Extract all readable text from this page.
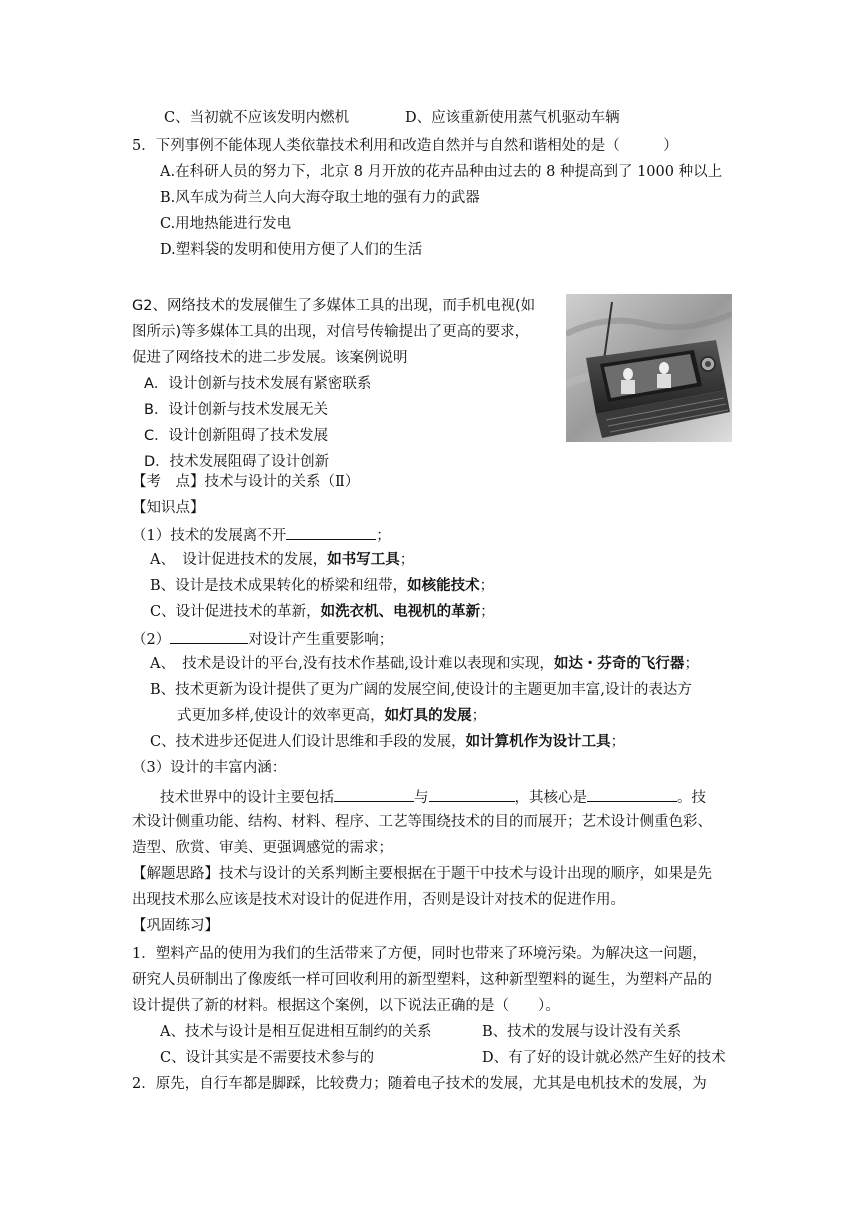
C、当初就不应该发明内燃机	D、应该重新使用蒸气机驱动车辆
5．下列事例不能体现人类依靠技术利用和改造自然并与自然和谐相处的是（　　　）
A.在科研人员的努力下，北京 8 月开放的花卉品种由过去的 8 种提高到了 1000 种以上
B.风车成为荷兰人向大海夺取土地的强有力的武器
C.用地热能进行发电
D.塑料袋的发明和使用方便了人们的生活
G2、网络技术的发展催生了多媒体工具的出现，而手机电视(如
图所示)等多媒体工具的出现，对信号传输提出了更高的要求，
促进了网络技术的进二步发展。该案例说明
A．设计创新与技术发展有紧密联系
B．设计创新与技术发展无关
C．设计创新阻碍了技术发展
D．技术发展阻碍了设计创新
【考　点】技术与设计的关系（Ⅱ）
【知识点】
（1）技术的发展离不开	；
A、　设计促进技术的发展，如书写工具；
B、设计是技术成果转化的桥梁和纽带，如核能技术；
C、设计促进技术的革新，如洗衣机、电视机的革新；
（2）	对设计产生重要影响；
A、　技术是设计的平台,没有技术作基础,设计难以表现和实现，如达・芬奇的飞行器；
B、技术更新为设计提供了更为广阔的发展空间,使设计的主题更加丰富,设计的表达方
式更加多样,使设计的效率更高，如灯具的发展；
C、技术进步还促进人们设计思维和手段的发展，如计算机作为设计工具；
（3）设计的丰富内涵：
技术世界中的设计主要包括	与	，其核心是	。技
术设计侧重功能、结构、材料、程序、工艺等围绕技术的目的而展开；艺术设计侧重色彩、
造型、欣赏、审美、更强调感觉的需求；
【解题思路】技术与设计的关系判断主要根据在于题干中技术与设计出现的顺序，如果是先
出现技术那么应该是技术对设计的促进作用，否则是设计对技术的促进作用。
【巩固练习】
1．塑料产品的使用为我们的生活带来了方便，同时也带来了环境污染。为解决这一问题，
研究人员研制出了像废纸一样可回收利用的新型塑料，这种新型塑料的诞生，为塑料产品的
设计提供了新的材料。根据这个案例，以下说法正确的是（　　）。
A、技术与设计是相互促进相互制约的关系	B、技术的发展与设计没有关系
C、设计其实是不需要技术参与的	D、有了好的设计就必然产生好的技术
2．原先，自行车都是脚踩，比较费力；随着电子技术的发展，尤其是电机技术的发展，为
